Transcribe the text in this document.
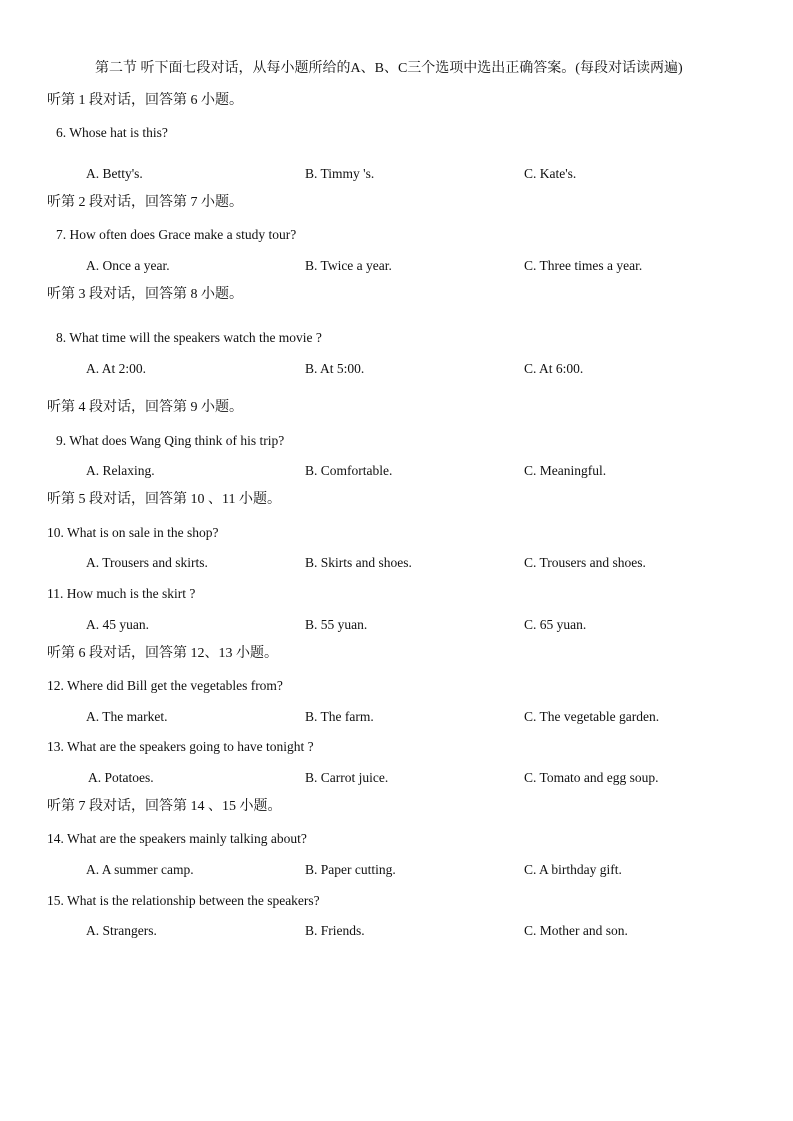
第二节 听下面七段对话，从每小题所给的A、B、C三个选项中选出正确答案。(每段对话读两遍)
听第 1 段对话，回答第 6 小题。
6. Whose hat is this?
A. Betty's.	B. Timmy 's.	C. Kate's.
听第 2 段对话，回答第 7 小题。
7. How often does Grace make a study tour?
A. Once a year.	B. Twice a year.	C. Three times a year.
听第 3 段对话，回答第 8 小题。
8. What time will the speakers watch the movie ?
A. At 2:00.	B. At 5:00.	C. At 6:00.
听第 4 段对话，回答第 9 小题。
9. What does Wang Qing think of his trip?
A. Relaxing.	B. Comfortable.	C. Meaningful.
听第 5 段对话，回答第 10 、11 小题。
10. What is on sale in the shop?
A. Trousers and skirts.	B. Skirts and shoes.	C. Trousers and shoes.
11. How much is the skirt ?
A. 45 yuan.	B. 55 yuan.	C. 65 yuan.
听第 6 段对话，回答第 12、13 小题。
12. Where did Bill get the vegetables from?
A. The market.	B. The farm.	C. The vegetable garden.
13. What are the speakers going to have tonight ?
A. Potatoes.	B. Carrot juice.	C. Tomato and egg soup.
听第 7 段对话，回答第 14 、15 小题。
14. What are the speakers mainly talking about?
A. A summer camp.	B. Paper cutting.	C. A birthday gift.
15. What is the relationship between the speakers?
A. Strangers.	B. Friends.	C. Mother and son.
